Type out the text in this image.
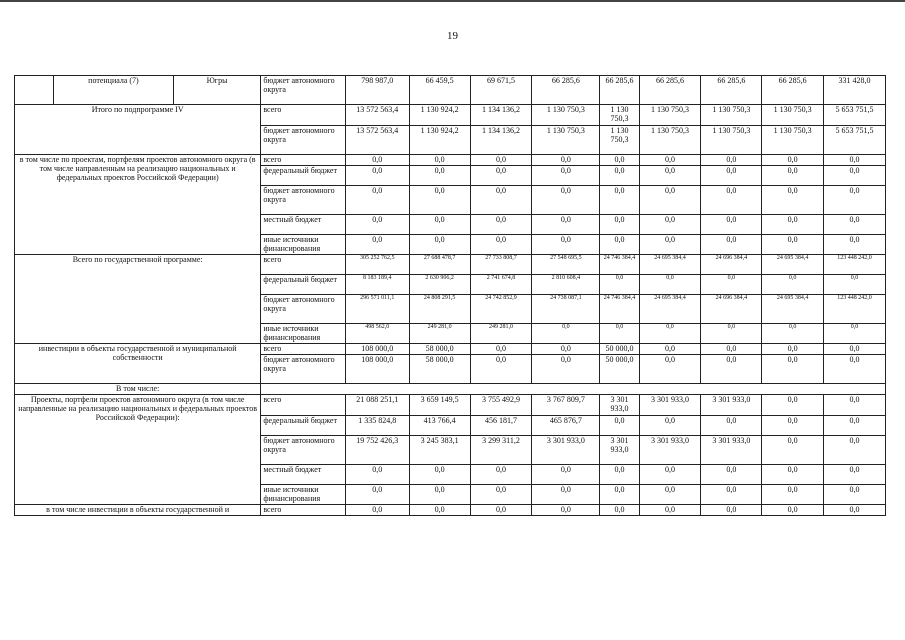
19
	потенциала (7)	Югры	бюджет автономного округа	798 987,0	66 459,5	69 671,5	66 285,6	66 285,6	66 285,6	66 285,6	66 285,6	331 428,0
Итого по подпрограмме IV			всего	13 572 563,4	1 130 924,2	1 134 136,2	1 130 750,3	1 130 750,3	1 130 750,3	1 130 750,3	1 130 750,3	5 653 751,5
			бюджет автономного округа	13 572 563,4	1 130 924,2	1 134 136,2	1 130 750,3	1 130 750,3	1 130 750,3	1 130 750,3	1 130 750,3	5 653 751,5
в том числе по проектам, портфелям проектов автономного округа (в том числе направленным на реализацию национальных и федеральных проектов Российской Федерации)			всего	0,0	0,0	0,0	0,0	0,0	0,0	0,0	0,0	0,0
			федеральный бюджет	0,0	0,0	0,0	0,0	0,0	0,0	0,0	0,0	0,0
			бюджет автономного округа	0,0	0,0	0,0	0,0	0,0	0,0	0,0	0,0	0,0
			местный бюджет	0,0	0,0	0,0	0,0	0,0	0,0	0,0	0,0	0,0
			иные источники финансирования	0,0	0,0	0,0	0,0	0,0	0,0	0,0	0,0	0,0
Всего по государственной программе:			всего	305 252 762,5	27 688 478,7	27 733 808,7	27 548 695,5	24 746 384,4	24 695 384,4	24 696 384,4	24 695 384,4	123 448 242,0
			федеральный бюджет	8 183 189,4	2 630 906,2	2 741 674,8	2 810 608,4	0,0	0,0	0,0	0,0	0,0
			бюджет автономного округа	296 571 011,1	24 808 291,5	24 742 852,9	24 738 087,1	24 746 384,4	24 695 384,4	24 696 384,4	24 695 384,4	123 448 242,0
			иные источники финансирования	498 562,0	249 281,0	249 281,0	0,0	0,0	0,0	0,0	0,0	0,0
инвестиции в объекты государственной и муниципальной собственности			всего	108 000,0	58 000,0	0,0	0,0	50 000,0	0,0	0,0	0,0	0,0
			бюджет автономного округа	108 000,0	58 000,0	0,0	0,0	50 000,0	0,0	0,0	0,0	0,0
В том числе:												
Проекты, портфели проектов автономного округа (в том числе направленные на реализацию национальных и федеральных проектов Российской Федерации):			всего	21 088 251,1	3 659 149,5	3 755 492,9	3 767 809,7	3 301 933,0	3 301 933,0	3 301 933,0	0,0	0,0
			федеральный бюджет	1 335 824,8	413 766,4	456 181,7	465 876,7	0,0	0,0	0,0	0,0	0,0
			бюджет автономного округа	19 752 426,3	3 245 383,1	3 299 311,2	3 301 933,0	3 301 933,0	3 301 933,0	3 301 933,0	0,0	0,0
			местный бюджет	0,0	0,0	0,0	0,0	0,0	0,0	0,0	0,0	0,0
			иные источники финансирования	0,0	0,0	0,0	0,0	0,0	0,0	0,0	0,0	0,0
в том числе инвестиции в объекты государственной и			всего	0,0	0,0	0,0	0,0	0,0	0,0	0,0	0,0	0,0
